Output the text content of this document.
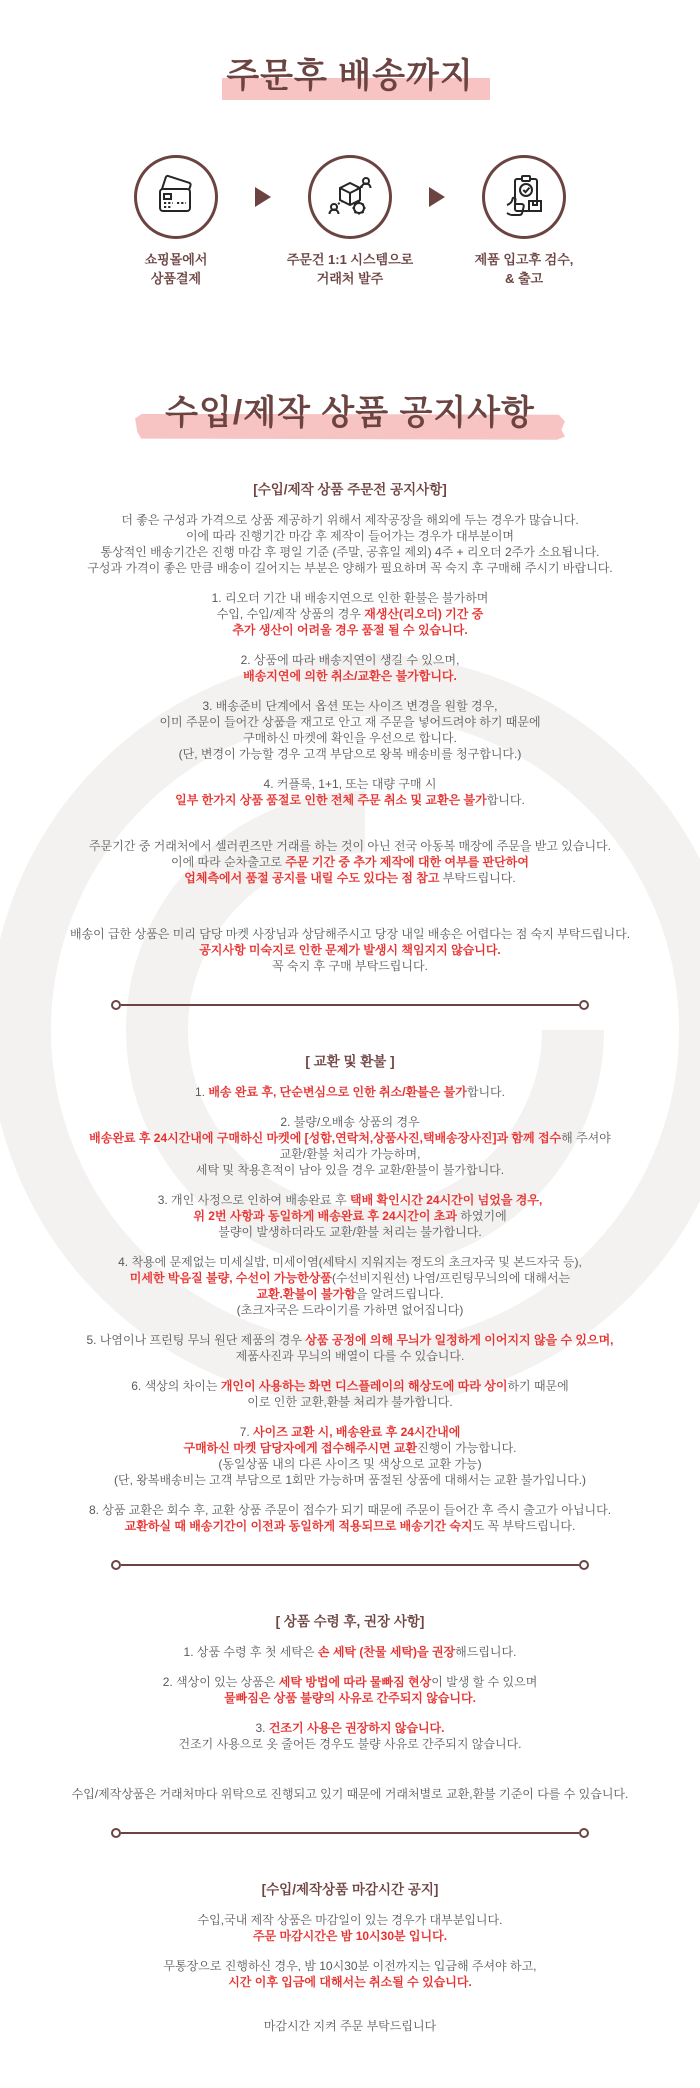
주문후 배송까지
쇼핑몰에서
상품결제
주문건 1:1 시스템으로
거래처 발주
제품 입고후 검수,
& 출고
수입/제작 상품 공지사항
[수입/제작 상품 주문전 공지사항]
더 좋은 구성과 가격으로 상품 제공하기 위해서 제작공장을 해외에 두는 경우가 많습니다.
이에 따라 진행기간 마감 후 제작이 들어가는 경우가 대부분이며
통상적인 배송기간은 진행 마감 후 평일 기준 (주말, 공휴일 제외) 4주 + 리오더 2주가 소요됩니다.
구성과 가격이 좋은 만큼 배송이 길어지는 부분은 양해가 필요하며 꼭 숙지 후 구매해 주시기 바랍니다.
1. 리오더 기간 내 배송지연으로 인한 환불은 불가하며
수입, 수입/제작 상품의 경우 재생산(리오더) 기간 중
추가 생산이 어려울 경우 품절 될 수 있습니다.
2. 상품에 따라 배송지연이 생길 수 있으며,
배송지연에 의한 취소/교환은 불가합니다.
3. 배송준비 단계에서 옵션 또는 사이즈 변경을 원할 경우,
이미 주문이 들어간 상품을 재고로 안고 재 주문을 넣어드려야 하기 때문에
구매하신 마켓에 확인을 우선으로 합니다.
(단, 변경이 가능할 경우 고객 부담으로 왕복 배송비를 청구합니다.)
4. 커플룩, 1+1, 또는 대량 구매 시
일부 한가지 상품 품절로 인한 전체 주문 취소 및 교환은 불가합니다.
주문기간 중 거래처에서 셀러퀸즈만 거래를 하는 것이 아닌 전국 아동복 매장에 주문을 받고 있습니다.
이에 따라 순차출고로 주문 기간 중 추가 제작에 대한 여부를 판단하여
업체측에서 품절 공지를 내릴 수도 있다는 점 참고 부탁드립니다.
배송이 급한 상품은 미리 담당 마켓 사장님과 상담해주시고 당장 내일 배송은 어렵다는 점 숙지 부탁드립니다.
공지사항 미숙지로 인한 문제가 발생시 책임지지 않습니다.
꼭 숙지 후 구매 부탁드립니다.
[ 교환 및 환불 ]
1. 배송 완료 후, 단순변심으로 인한 취소/환불은 불가합니다.
2. 불량/오배송 상품의 경우
배송완료 후 24시간내에 구매하신 마켓에 [성함,연락처,상품사진,택배송장사진]과 함께 접수해 주셔야
교환/환불 처리가 가능하며,
세탁 및 착용흔적이 남아 있을 경우 교환/환불이 불가합니다.
3. 개인 사정으로 인하여 배송완료 후 택배 확인시간 24시간이 넘었을 경우,
위 2번 사항과 동일하게 배송완료 후 24시간이 초과 하였기에
불량이 발생하더라도 교환/환불 처리는 불가합니다.
4. 착용에 문제없는 미세실밥, 미세이염(세탁시 지워지는 정도의 초크자국 및 본드자국 등),
미세한 박음질 불량, 수선이 가능한상품(수선비지원선) 나염/프린팅무늬의에 대해서는
교환.환불이 불가함을 알려드립니다.
(초크자국은 드라이기를 가하면 없어집니다)
5. 나염이나 프린팅 무늬 원단 제품의 경우 상품 공정에 의해 무늬가 일정하게 이어지지 않을 수 있으며,
제품사진과 무늬의 배열이 다를 수 있습니다.
6. 색상의 차이는 개인이 사용하는 화면 디스플레이의 해상도에 따라 상이하기 때문에
이로 인한 교환,환불 처리가 불가합니다.
7. 사이즈 교환 시, 배송완료 후 24시간내에
구매하신 마켓 담당자에게 접수해주시면 교환진행이 가능합니다.
(동일상품 내의 다른 사이즈 및 색상으로 교환 가능)
(단, 왕복배송비는 고객 부담으로 1회만 가능하며 품절된 상품에 대해서는 교환 불가입니다.)
8. 상품 교환은 회수 후, 교환 상품 주문이 접수가 되기 때문에 주문이 들어간 후 즉시 출고가 아닙니다.
교환하실 때 배송기간이 이전과 동일하게 적용되므로 배송기간 숙지도 꼭 부탁드립니다.
[ 상품 수령 후, 권장 사항]
1. 상품 수령 후 첫 세탁은 손 세탁 (찬물 세탁)을 권장해드립니다.
2. 색상이 있는 상품은 세탁 방법에 따라 물빠짐 현상이 발생 할 수 있으며
물빠짐은 상품 불량의 사유로 간주되지 않습니다.
3. 건조기 사용은 권장하지 않습니다.
건조기 사용으로 옷 줄어든 경우도 불량 사유로 간주되지 않습니다.
수입/제작상품은 거래처마다 위탁으로 진행되고 있기 때문에 거래처별로 교환,환불 기준이 다를 수 있습니다.
[수입/제작상품 마감시간 공지]
수입,국내 제작 상품은 마감일이 있는 경우가 대부분입니다.
주문 마감시간은 밤 10시30분 입니다.
무통장으로 진행하신 경우, 밤 10시30분 이전까지는 입금해 주셔야 하고,
시간 이후 입금에 대해서는 취소될 수 있습니다.
마감시간 지켜 주문 부탁드립니다
